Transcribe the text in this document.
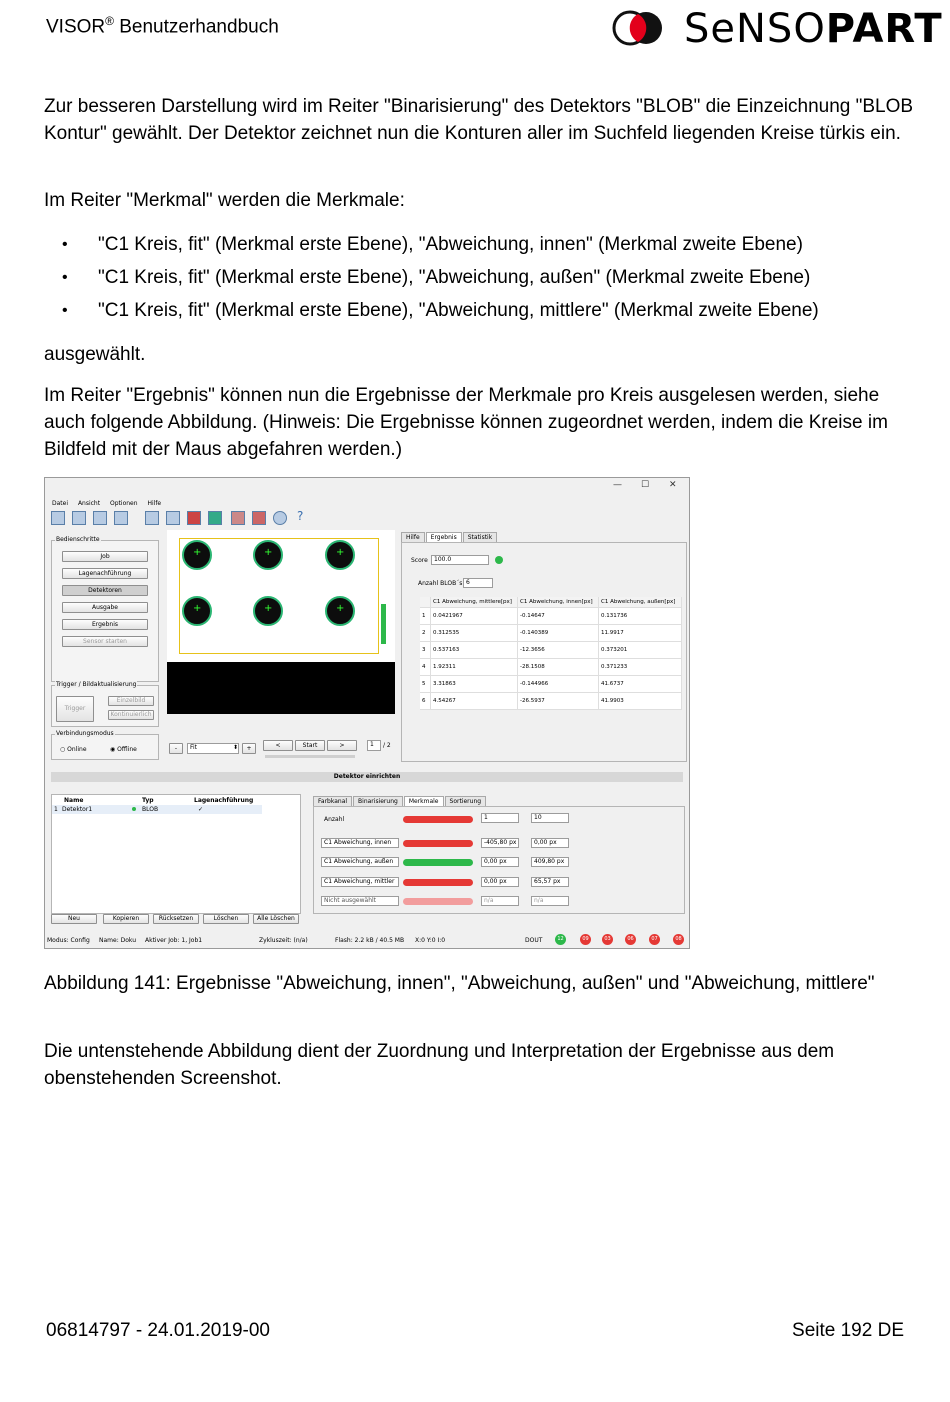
VISOR® Benutzerhandbuch	SeNSOPART
Zur besseren Darstellung wird im Reiter "Binarisierung" des Detektors "BLOB" die Einzeichnung "BLOB Kontur" gewählt. Der Detektor zeichnet nun die Konturen aller im Suchfeld liegenden Kreise türkis ein.
Im Reiter "Merkmal" werden die Merkmale:
• "C1 Kreis, fit" (Merkmal erste Ebene), "Abweichung, innen" (Merkmal zweite Ebene)
• "C1 Kreis, fit" (Merkmal erste Ebene), "Abweichung, außen" (Merkmal zweite Ebene)
• "C1 Kreis, fit" (Merkmal erste Ebene), "Abweichung, mittlere" (Merkmal zweite Ebene)
ausgewählt.
Im Reiter "Ergebnis" können nun die Ergebnisse der Merkmale pro Kreis ausgelesen werden, siehe auch folgende Abbildung. (Hinweis: Die Ergebnisse können zugeordnet werden, indem die Kreise im Bildfeld mit der Maus abgefahren werden.)
— ☐ ✕
Datei Ansicht Optionen Hilfe
?
Bedienschritte
Job
Lagenachführung
Detektoren
Ausgabe
Ergebnis
Sensor starten
Trigger / Bildaktualisierung
Trigger
Einzelbild
Kontinuierlich
Verbindungsmodus
○ Online	◉ Offline
+
+
+
+
+
+	-	Fit	⬍	+	<	Start	>	1	/ 2
Hilfe Ergebnis Statistik
Score	100.0
Anzahl BLOB´s 6
	C1 Abweichung, mittlere[px]	C1 Abweichung, innen[px]	C1 Abweichung, außen[px]
1	0.0421967	-0.14647	0.131736
2	0.312535	-0.140389	11.9917
3	0.537163	-12.3656	0.373201
4	1.92311	-28.1508	0.371233
5	3.31863	-0.144966	41.6737
6	4.54267	-26.5937	41.9903
Detektor einrichten
Name	Typ	Lagenachführung
1 Detektor1	BLOB	✓
Neu	Kopieren	Rücksetzen	Löschen	Alle Löschen
Farbkanal Binarisierung Merkmale Sortierung
Anzahl	1	10
C1 Abweichung, innen	-405,80 px	0,00 px
C1 Abweichung, außen	0,00 px	409,80 px
C1 Abweichung, mittler	0,00 px	65,57 px
Nicht ausgewählt	n/a	n/a
Modus: Config Name: Doku Aktiver Job: 1, Job1	Zykluszeit: (n/a)	Flash: 2.2 kB / 40.5 MB X:0 Y:0 I:0	DOUT	12	09	03	06	07	08
Abbildung 141: Ergebnisse "Abweichung, innen", "Abweichung, außen" und "Abweichung, mittlere"
Die untenstehende Abbildung dient der Zuordnung und Interpretation der Ergebnisse aus dem obenstehenden Screenshot.
06814797 - 24.01.2019-00	Seite 192 DE
